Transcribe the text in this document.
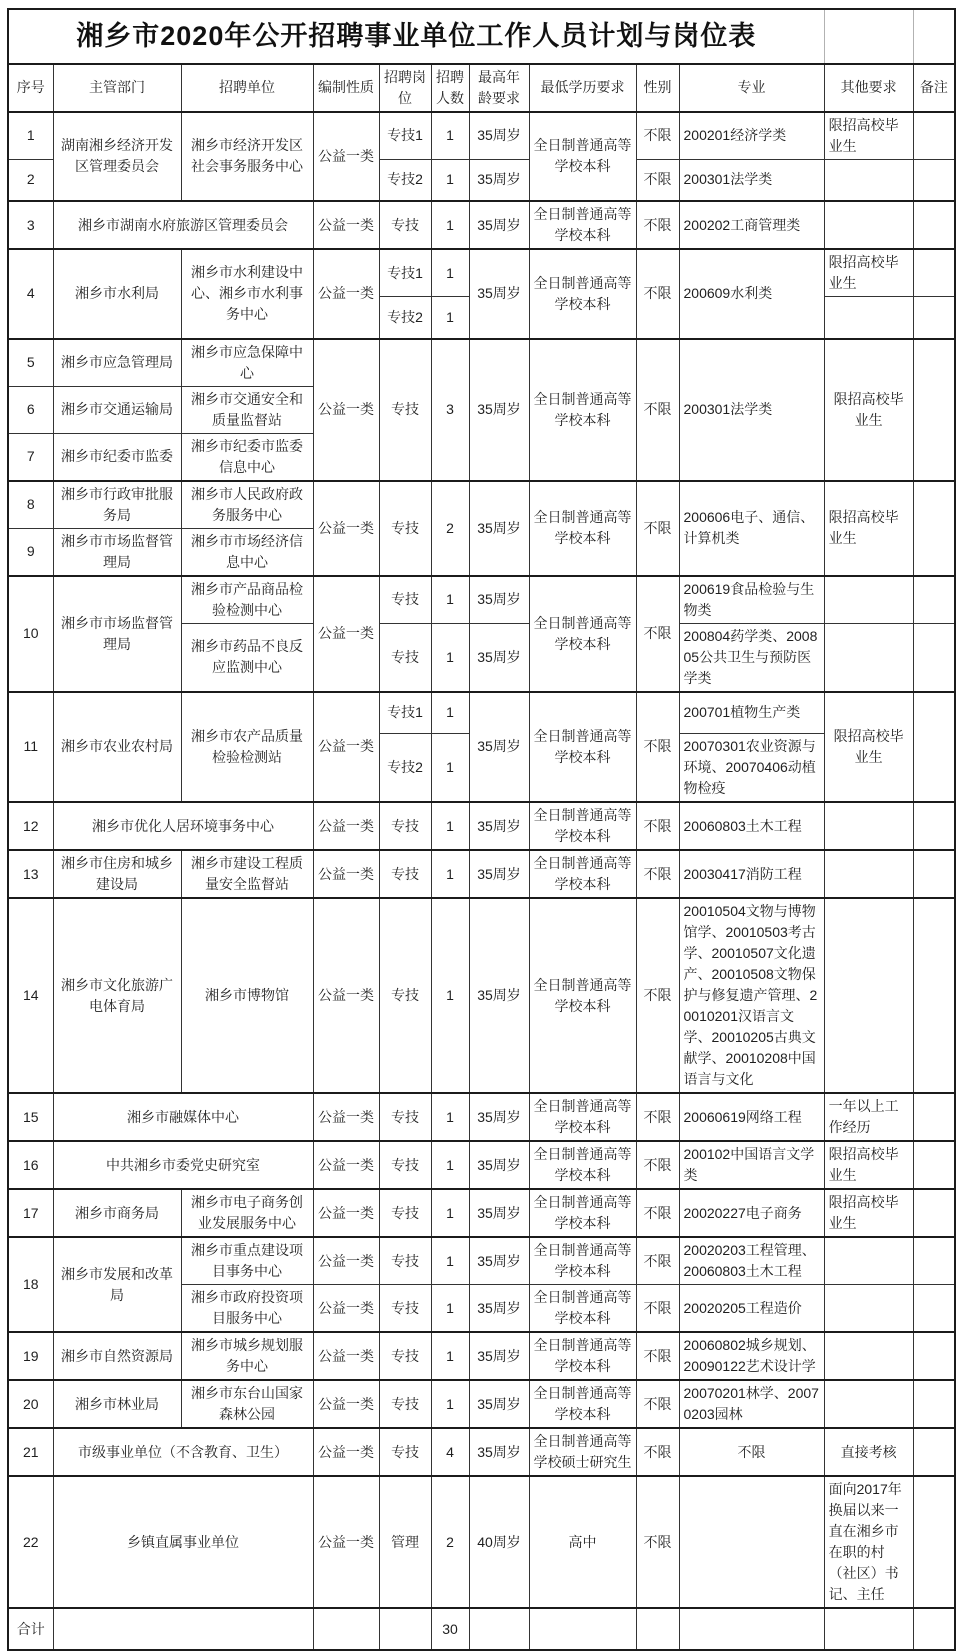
湘乡市2020年公开招聘事业单位工作人员计划与岗位表											
序号	主管部门	招聘单位	编制性质	招聘岗位	招聘人数	最高年龄要求	最低学历要求	性别	专业	其他要求	备注
1	湖南湘乡经济开发区管理委员会	湘乡市经济开发区社会事务服务中心	公益一类	专技1	1	35周岁	全日制普通高等学校本科	不限	200201经济学类	限招高校毕业生	
2				专技2	1	35周岁		不限	200301法学类		
3	湘乡市湖南水府旅游区管理委员会		公益一类	专技	1	35周岁	全日制普通高等学校本科	不限	200202工商管理类		
4	湘乡市水利局	湘乡市水利建设中心、湘乡市水利事务中心	公益一类	专技1	1	35周岁	全日制普通高等学校本科	不限	200609水利类	限招高校毕业生	
				专技2	1						
5	湘乡市应急管理局	湘乡市应急保障中心	公益一类	专技	3	35周岁	全日制普通高等学校本科	不限	200301法学类	限招高校毕业生	
6	湘乡市交通运输局	湘乡市交通安全和质量监督站									
7	湘乡市纪委市监委	湘乡市纪委市监委信息中心									
8	湘乡市行政审批服务局	湘乡市人民政府政务服务中心	公益一类	专技	2	35周岁	全日制普通高等学校本科	不限	200606电子、通信、计算机类	限招高校毕业生	
9	湘乡市市场监督管理局	湘乡市市场经济信息中心									
10	湘乡市市场监督管理局	湘乡市产品商品检验检测中心	公益一类	专技	1	35周岁	全日制普通高等学校本科	不限	200619食品检验与生物类		
		湘乡市药品不良反应监测中心		专技	1	35周岁			200804药学类、200805公共卫生与预防医学类		
11	湘乡市农业农村局	湘乡市农产品质量检验检测站	公益一类	专技1	1	35周岁	全日制普通高等学校本科	不限	200701植物生产类	限招高校毕业生	
				专技2	1				20070301农业资源与环境、20070406动植物检疫		
12	湘乡市优化人居环境事务中心		公益一类	专技	1	35周岁	全日制普通高等学校本科	不限	20060803土木工程		
13	湘乡市住房和城乡建设局	湘乡市建设工程质量安全监督站	公益一类	专技	1	35周岁	全日制普通高等学校本科	不限	20030417消防工程		
14	湘乡市文化旅游广电体育局	湘乡市博物馆	公益一类	专技	1	35周岁	全日制普通高等学校本科	不限	20010504文物与博物馆学、20010503考古学、20010507文化遗产、20010508文物保护与修复遗产管理、20010201汉语言文学、20010205古典文献学、20010208中国语言与文化		
15	湘乡市融媒体中心		公益一类	专技	1	35周岁	全日制普通高等学校本科	不限	20060619网络工程	一年以上工作经历	
16	中共湘乡市委党史研究室		公益一类	专技	1	35周岁	全日制普通高等学校本科	不限	200102中国语言文学类	限招高校毕业生	
17	湘乡市商务局	湘乡市电子商务创业发展服务中心	公益一类	专技	1	35周岁	全日制普通高等学校本科	不限	20020227电子商务	限招高校毕业生	
18	湘乡市发展和改革局	湘乡市重点建设项目事务中心	公益一类	专技	1	35周岁	全日制普通高等学校本科	不限	20020203工程管理、20060803土木工程		
		湘乡市政府投资项目服务中心	公益一类	专技	1	35周岁	全日制普通高等学校本科	不限	20020205工程造价		
19	湘乡市自然资源局	湘乡市城乡规划服务中心	公益一类	专技	1	35周岁	全日制普通高等学校本科	不限	20060802城乡规划、20090122艺术设计学		
20	湘乡市林业局	湘乡市东台山国家森林公园	公益一类	专技	1	35周岁	全日制普通高等学校本科	不限	20070201林学、20070203园林		
21	市级事业单位（不含教育、卫生）		公益一类	专技	4	35周岁	全日制普通高等学校硕士研究生	不限	不限	直接考核	
22	乡镇直属事业单位		公益一类	管理	2	40周岁	高中	不限		面向2017年换届以来一直在湘乡市在职的村（社区）书记、主任	
合计					30						
